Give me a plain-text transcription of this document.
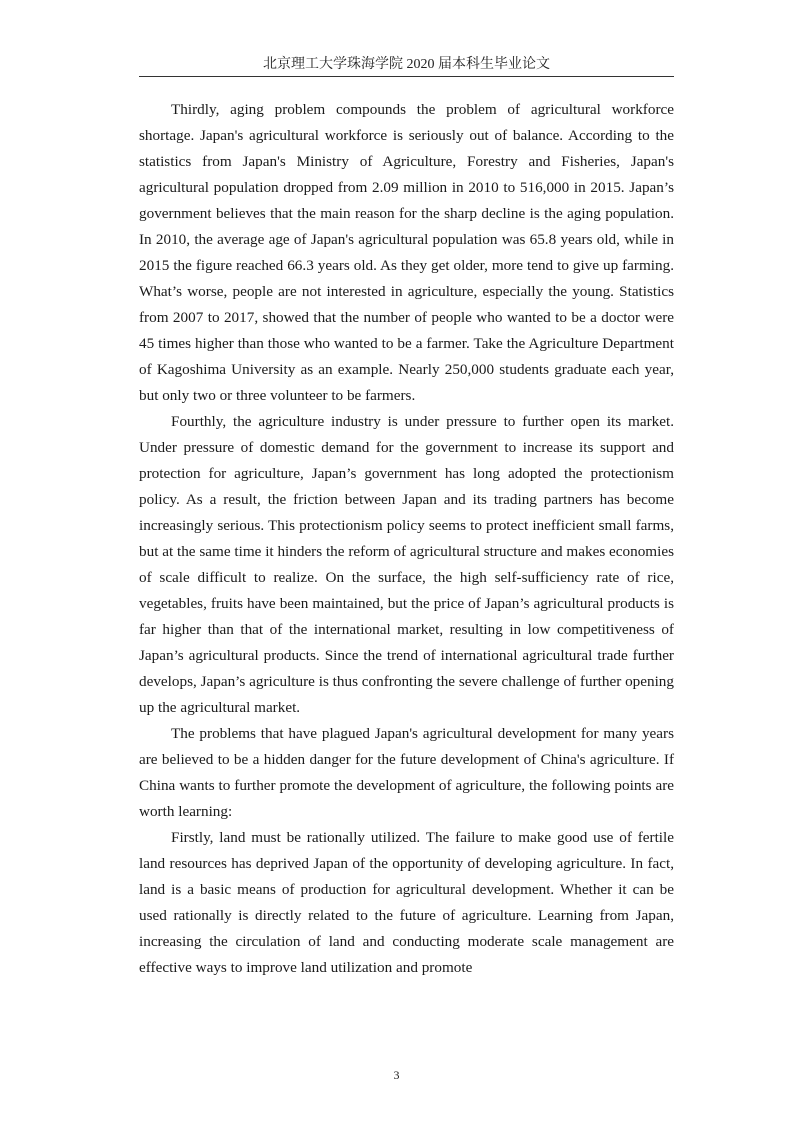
北京理工大学珠海学院 2020 届本科生毕业论文

Thirdly, aging problem compounds the problem of agricultural workforce shortage. Japan's agricultural workforce is seriously out of balance. According to the statistics from Japan's Ministry of Agriculture, Forestry and Fisheries, Japan's agricultural population dropped from 2.09 million in 2010 to 516,000 in 2015. Japan’s government believes that the main reason for the sharp decline is the aging population. In 2010, the average age of Japan's agricultural population was 65.8 years old, while in 2015 the figure reached 66.3 years old. As they get older, more tend to give up farming. What’s worse, people are not interested in agriculture, especially the young. Statistics from 2007 to 2017, showed that the number of people who wanted to be a doctor were 45 times higher than those who wanted to be a farmer. Take the Agriculture Department of Kagoshima University as an example. Nearly 250,000 students graduate each year, but only two or three volunteer to be farmers.

Fourthly, the agriculture industry is under pressure to further open its market. Under pressure of domestic demand for the government to increase its support and protection for agriculture, Japan’s government has long adopted the protectionism policy. As a result, the friction between Japan and its trading partners has become increasingly serious. This protectionism policy seems to protect inefficient small farms, but at the same time it hinders the reform of agricultural structure and makes economies of scale difficult to realize. On the surface, the high self-sufficiency rate of rice, vegetables, fruits have been maintained, but the price of Japan’s agricultural products is far higher than that of the international market, resulting in low competitiveness of Japan’s agricultural products. Since the trend of international agricultural trade further develops, Japan’s agriculture is thus confronting the severe challenge of further opening up the agricultural market.

The problems that have plagued Japan's agricultural development for many years are believed to be a hidden danger for the future development of China's agriculture. If China wants to further promote the development of agriculture, the following points are worth learning:

Firstly, land must be rationally utilized. The failure to make good use of fertile land resources has deprived Japan of the opportunity of developing agriculture. In fact, land is a basic means of production for agricultural development. Whether it can be used rationally is directly related to the future of agriculture. Learning from Japan, increasing the circulation of land and conducting moderate scale management are effective ways to improve land utilization and promote

3
